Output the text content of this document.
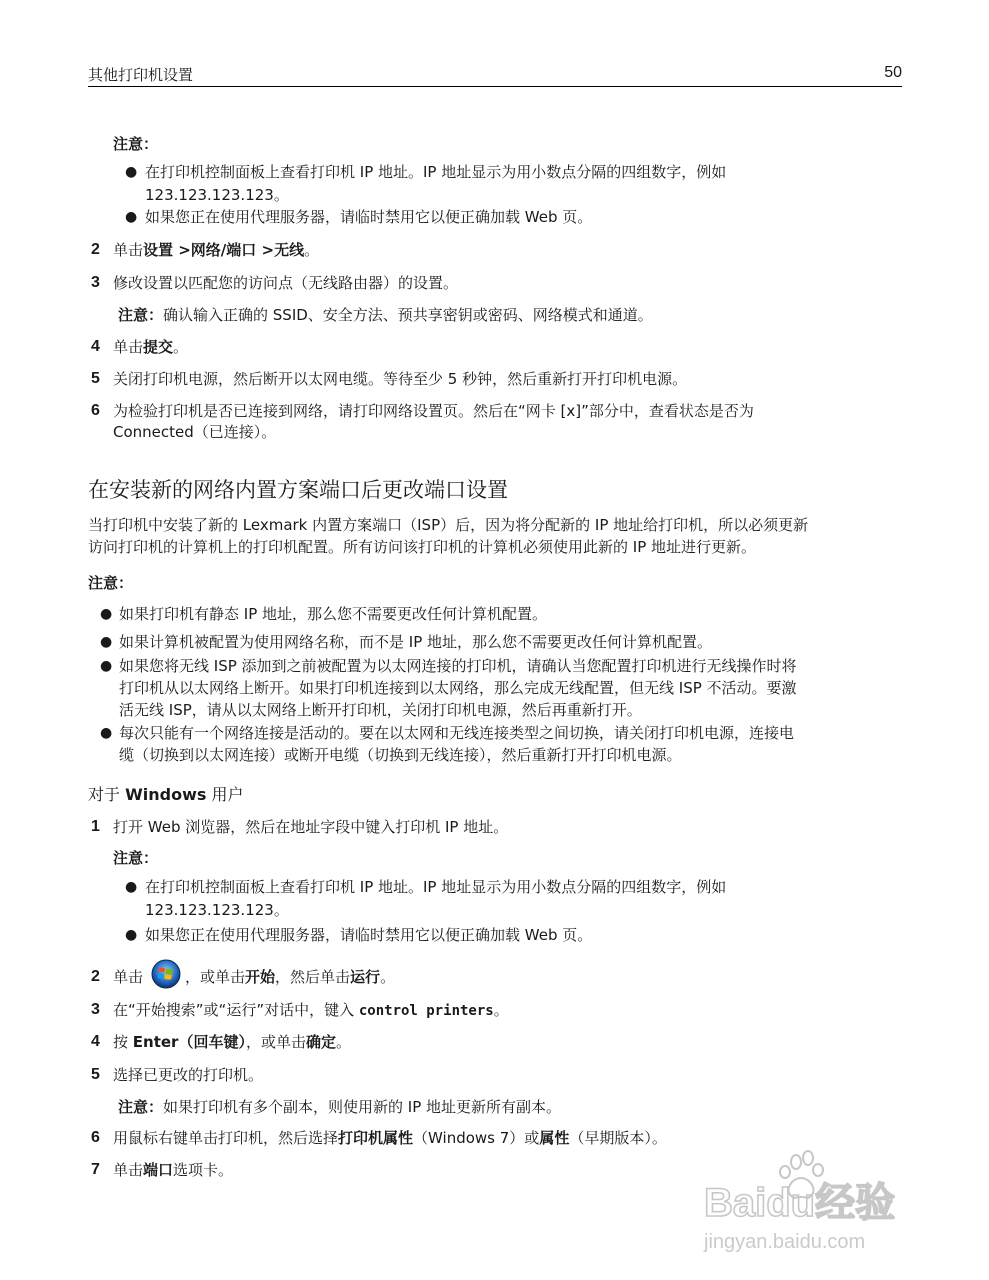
其他打印机设置	50
注意：
● 在打印机控制面板上查看打印机 IP 地址。IP 地址显示为用小数点分隔的四组数字，例如
123.123.123.123。
● 如果您正在使用代理服务器，请临时禁用它以便正确加载 Web 页。
2 单击设置 >网络/端口 >无线。
3 修改设置以匹配您的访问点（无线路由器）的设置。
注意：确认输入正确的 SSID、安全方法、预共享密钥或密码、网络模式和通道。
4 单击提交。
5 关闭打印机电源，然后断开以太网电缆。等待至少 5 秒钟，然后重新打开打印机电源。
6 为检验打印机是否已连接到网络，请打印网络设置页。然后在“网卡 [x]”部分中，查看状态是否为
Connected（已连接）。
在安装新的网络内置方案端口后更改端口设置
当打印机中安装了新的 Lexmark 内置方案端口（ISP）后，因为将分配新的 IP 地址给打印机，所以必须更新
访问打印机的计算机上的打印机配置。所有访问该打印机的计算机必须使用此新的 IP 地址进行更新。
注意：
● 如果打印机有静态 IP 地址，那么您不需要更改任何计算机配置。
● 如果计算机被配置为使用网络名称，而不是 IP 地址，那么您不需要更改任何计算机配置。
● 如果您将无线 ISP 添加到之前被配置为以太网连接的打印机，请确认当您配置打印机进行无线操作时将
打印机从以太网络上断开。如果打印机连接到以太网络，那么完成无线配置，但无线 ISP 不活动。要激
活无线 ISP，请从以太网络上断开打印机，关闭打印机电源，然后再重新打开。
● 每次只能有一个网络连接是活动的。要在以太网和无线连接类型之间切换，请关闭打印机电源，连接电
缆（切换到以太网连接）或断开电缆（切换到无线连接），然后重新打开打印机电源。
对于 Windows 用户
1 打开 Web 浏览器，然后在地址字段中键入打印机 IP 地址。
注意：
● 在打印机控制面板上查看打印机 IP 地址。IP 地址显示为用小数点分隔的四组数字，例如
123.123.123.123。
● 如果您正在使用代理服务器，请临时禁用它以便正确加载 Web 页。
2 单击	，或单击开始，然后单击运行。
3 在“开始搜索”或“运行”对话中，键入 control printers。
4 按 Enter（回车键），或单击确定。
5 选择已更改的打印机。
注意：如果打印机有多个副本，则使用新的 IP 地址更新所有副本。
6 用鼠标右键单击打印机，然后选择打印机属性（Windows 7）或属性（早期版本）。
7 单击端口选项卡。
Baidu经验
jingyan.baidu.com
